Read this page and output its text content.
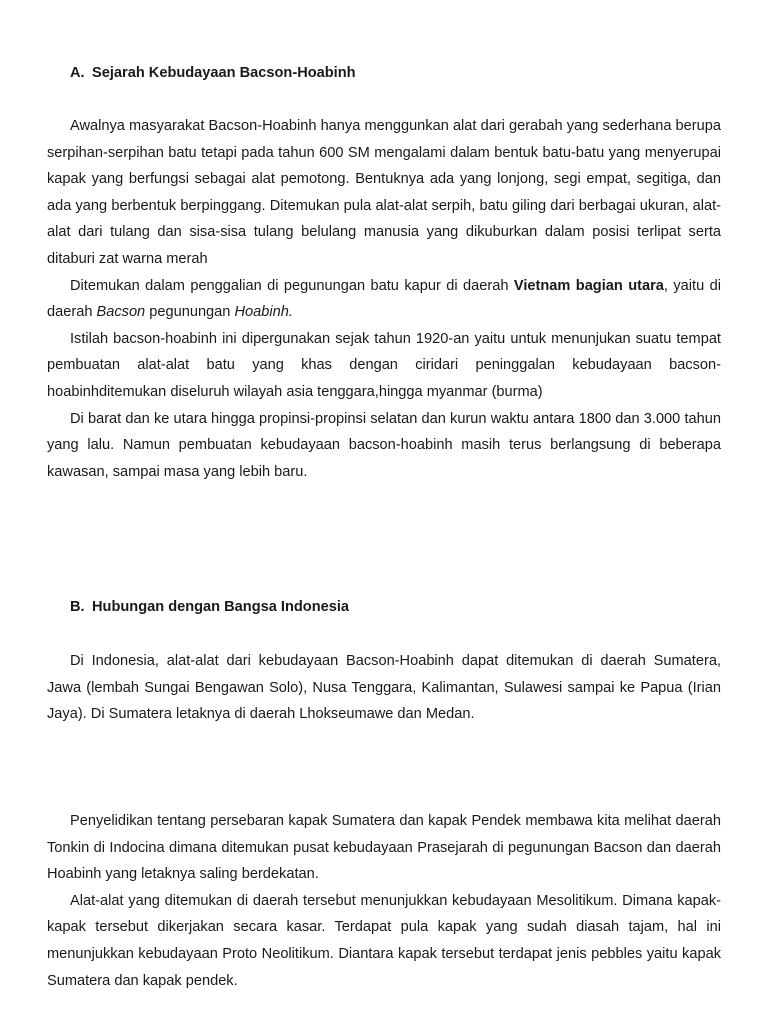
A. Sejarah Kebudayaan Bacson-Hoabinh

Awalnya masyarakat Bacson-Hoabinh hanya menggunkan alat dari gerabah yang sederhana berupa serpihan-serpihan batu tetapi pada tahun 600 SM mengalami dalam bentuk batu-batu yang menyerupai kapak yang berfungsi sebagai alat pemotong. Bentuknya ada yang lonjong, segi empat, segitiga, dan ada yang berbentuk berpinggang. Ditemukan pula alat-alat serpih, batu giling dari berbagai ukuran, alat-alat dari tulang dan sisa-sisa tulang belulang manusia yang dikuburkan dalam posisi terlipat serta ditaburi zat warna merah

Ditemukan dalam penggalian di pegunungan batu kapur di daerah Vietnam bagian utara, yaitu di daerah Bacson pegunungan Hoabinh.

Istilah bacson-hoabinh ini dipergunakan sejak tahun 1920-an yaitu untuk menunjukan suatu tempat pembuatan alat-alat batu yang khas dengan ciridari peninggalan kebudayaan bacson-hoabinhditemukan diseluruh wilayah asia tenggara,hingga myanmar (burma)

Di barat dan ke utara hingga propinsi-propinsi selatan dan kurun waktu antara 1800 dan 3.000 tahun yang lalu. Namun pembuatan kebudayaan bacson-hoabinh masih terus berlangsung di beberapa kawasan, sampai masa yang lebih baru.

B. Hubungan dengan Bangsa Indonesia

Di Indonesia, alat-alat dari kebudayaan Bacson-Hoabinh dapat ditemukan di daerah Sumatera, Jawa (lembah Sungai Bengawan Solo), Nusa Tenggara, Kalimantan, Sulawesi sampai ke Papua (Irian Jaya). Di Sumatera letaknya di daerah Lhokseumawe dan Medan.

Penyelidikan tentang persebaran kapak Sumatera dan kapak Pendek membawa kita melihat daerah Tonkin di Indocina dimana ditemukan pusat kebudayaan Prasejarah di pegunungan Bacson dan daerah Hoabinh yang letaknya saling berdekatan.

Alat-alat yang ditemukan di daerah tersebut menunjukkan kebudayaan Mesolitikum. Dimana kapak-kapak tersebut dikerjakan secara kasar. Terdapat pula kapak yang sudah diasah tajam, hal ini menunjukkan kebudayaan Proto Neolitikum. Diantara kapak tersebut terdapat jenis pebbles yaitu kapak Sumatera dan kapak pendek.
